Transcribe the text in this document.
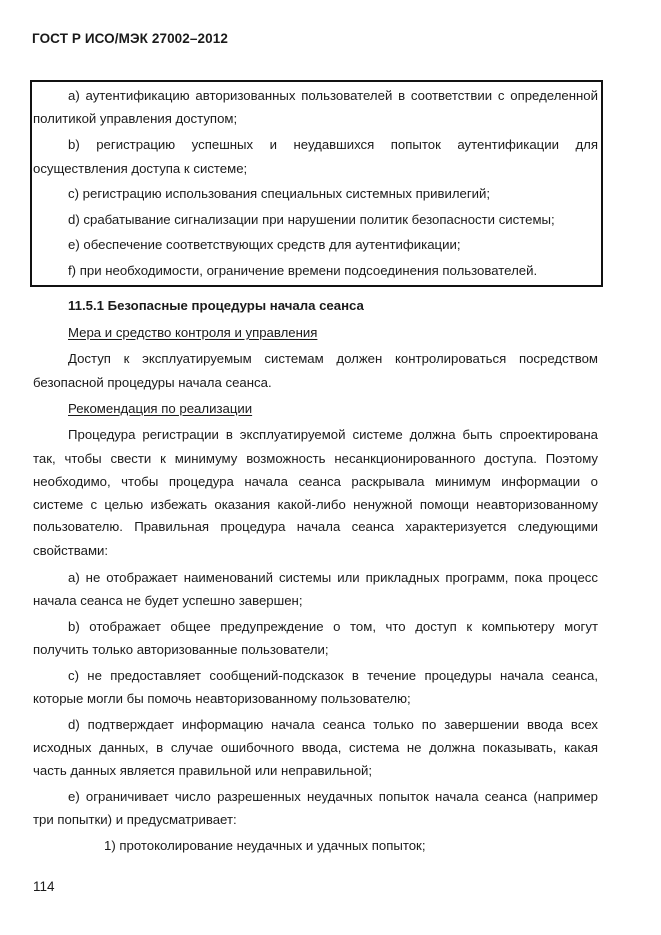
ГОСТ Р ИСО/МЭК 27002–2012
a) аутентификацию авторизованных пользователей в соответствии с определенной
политикой управления доступом;
b) регистрацию успешных и неудавшихся попыток аутентификации для
осуществления доступа к системе;
c) регистрацию использования специальных системных привилегий;
d) срабатывание сигнализации при нарушении политик безопасности системы;
e) обеспечение соответствующих средств для аутентификации;
f) при необходимости, ограничение времени подсоединения пользователей.
11.5.1 Безопасные процедуры начала сеанса
Мера и средство контроля и управления
Доступ к эксплуатируемым системам должен контролироваться посредством
безопасной процедуры начала сеанса.
Рекомендация по реализации
Процедура регистрации в эксплуатируемой системе должна быть спроектирована
так, чтобы свести к минимуму возможность несанкционированного доступа. Поэтому
необходимо, чтобы процедура начала сеанса раскрывала минимум информации о
системе с целью избежать оказания какой-либо ненужной помощи неавторизованному
пользователю. Правильная процедура начала сеанса характеризуется следующими
свойствами:
a) не отображает наименований системы или прикладных программ, пока процесс
начала сеанса не будет успешно завершен;
b) отображает общее предупреждение о том, что доступ к компьютеру могут
получить только авторизованные пользователи;
c) не предоставляет сообщений-подсказок в течение процедуры начала сеанса,
которые могли бы помочь неавторизованному пользователю;
d) подтверждает информацию начала сеанса только по завершении ввода всех
исходных данных, в случае ошибочного ввода, система не должна показывать, какая
часть данных является правильной или неправильной;
e) ограничивает число разрешенных неудачных попыток начала сеанса (например
три попытки) и предусматривает:
1) протоколирование неудачных и удачных попыток;
114
